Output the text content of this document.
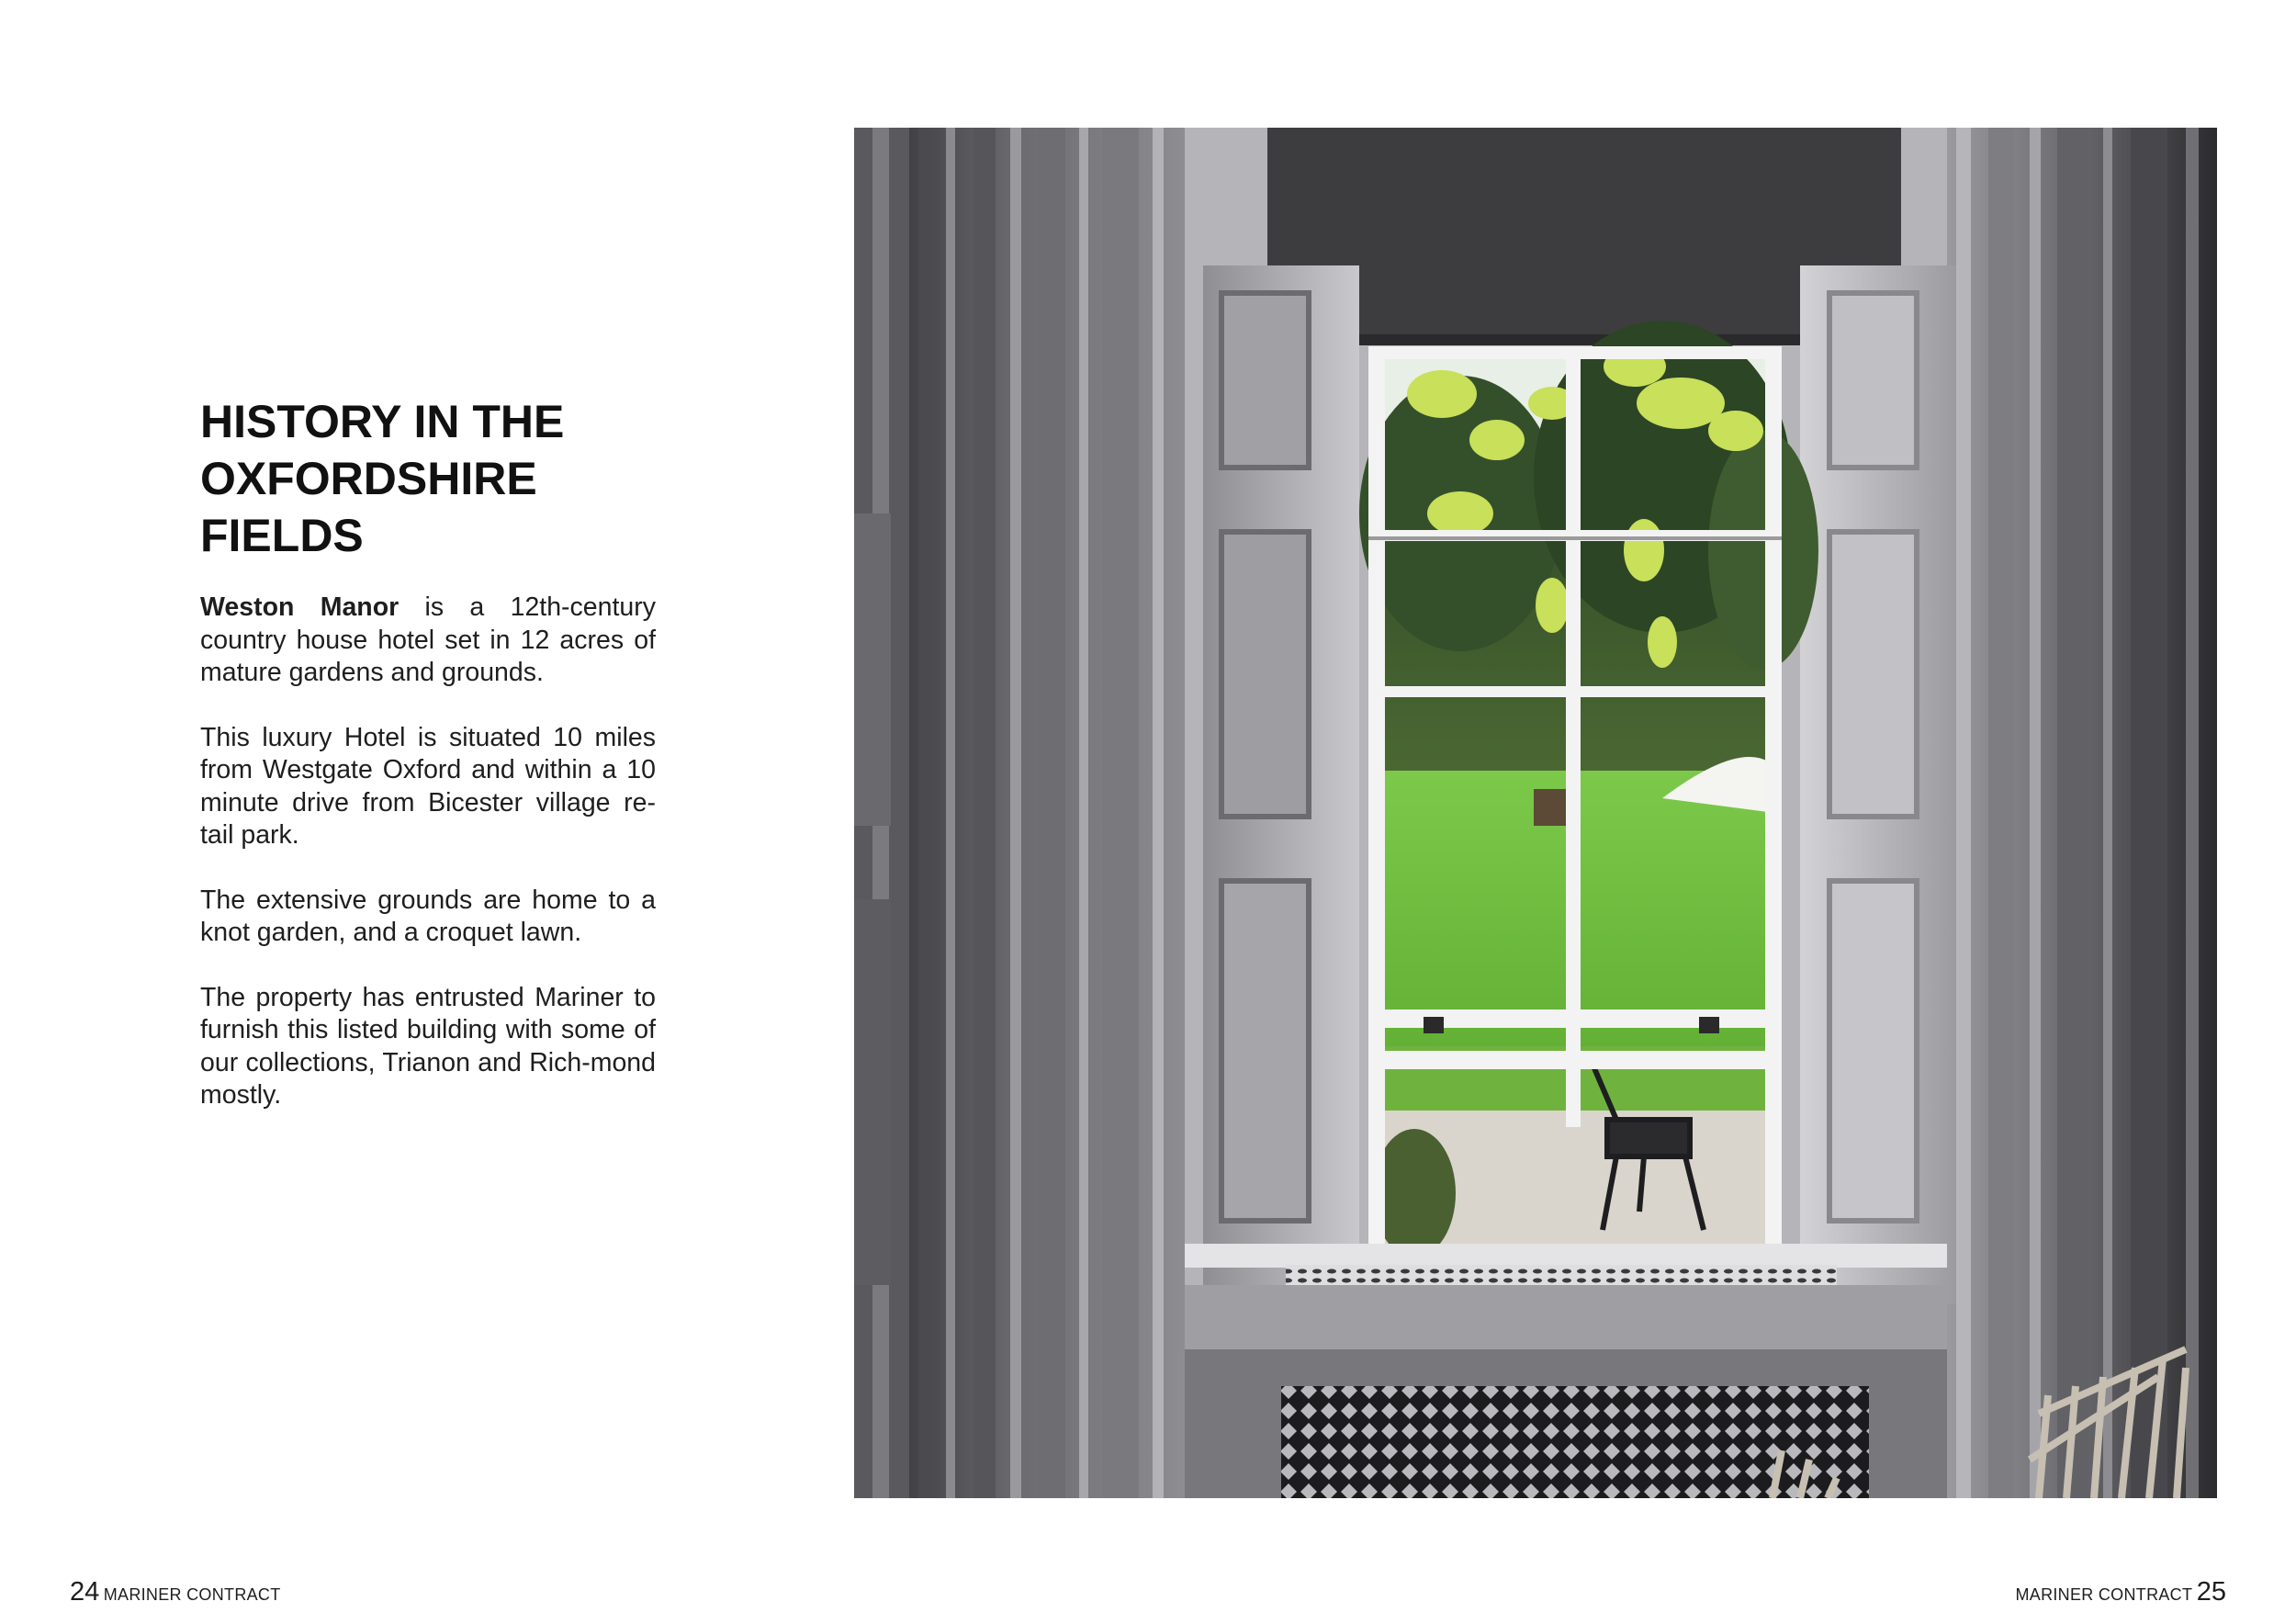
HISTORY IN THE OXFORDSHIRE FIELDS

Weston Manor is a 12th-century country house hotel set in 12 acres of mature gardens and grounds.

This luxury Hotel is situated 10 miles from Westgate Oxford and within a 10 minute drive from Bicester village re-tail park.

The extensive grounds are home to a knot garden, and a croquet lawn.

The property has entrusted Mariner to furnish this listed building with some of our collections, Trianon and Rich-mond mostly.

24 MARINER CONTRACT	MARINER CONTRACT 25
